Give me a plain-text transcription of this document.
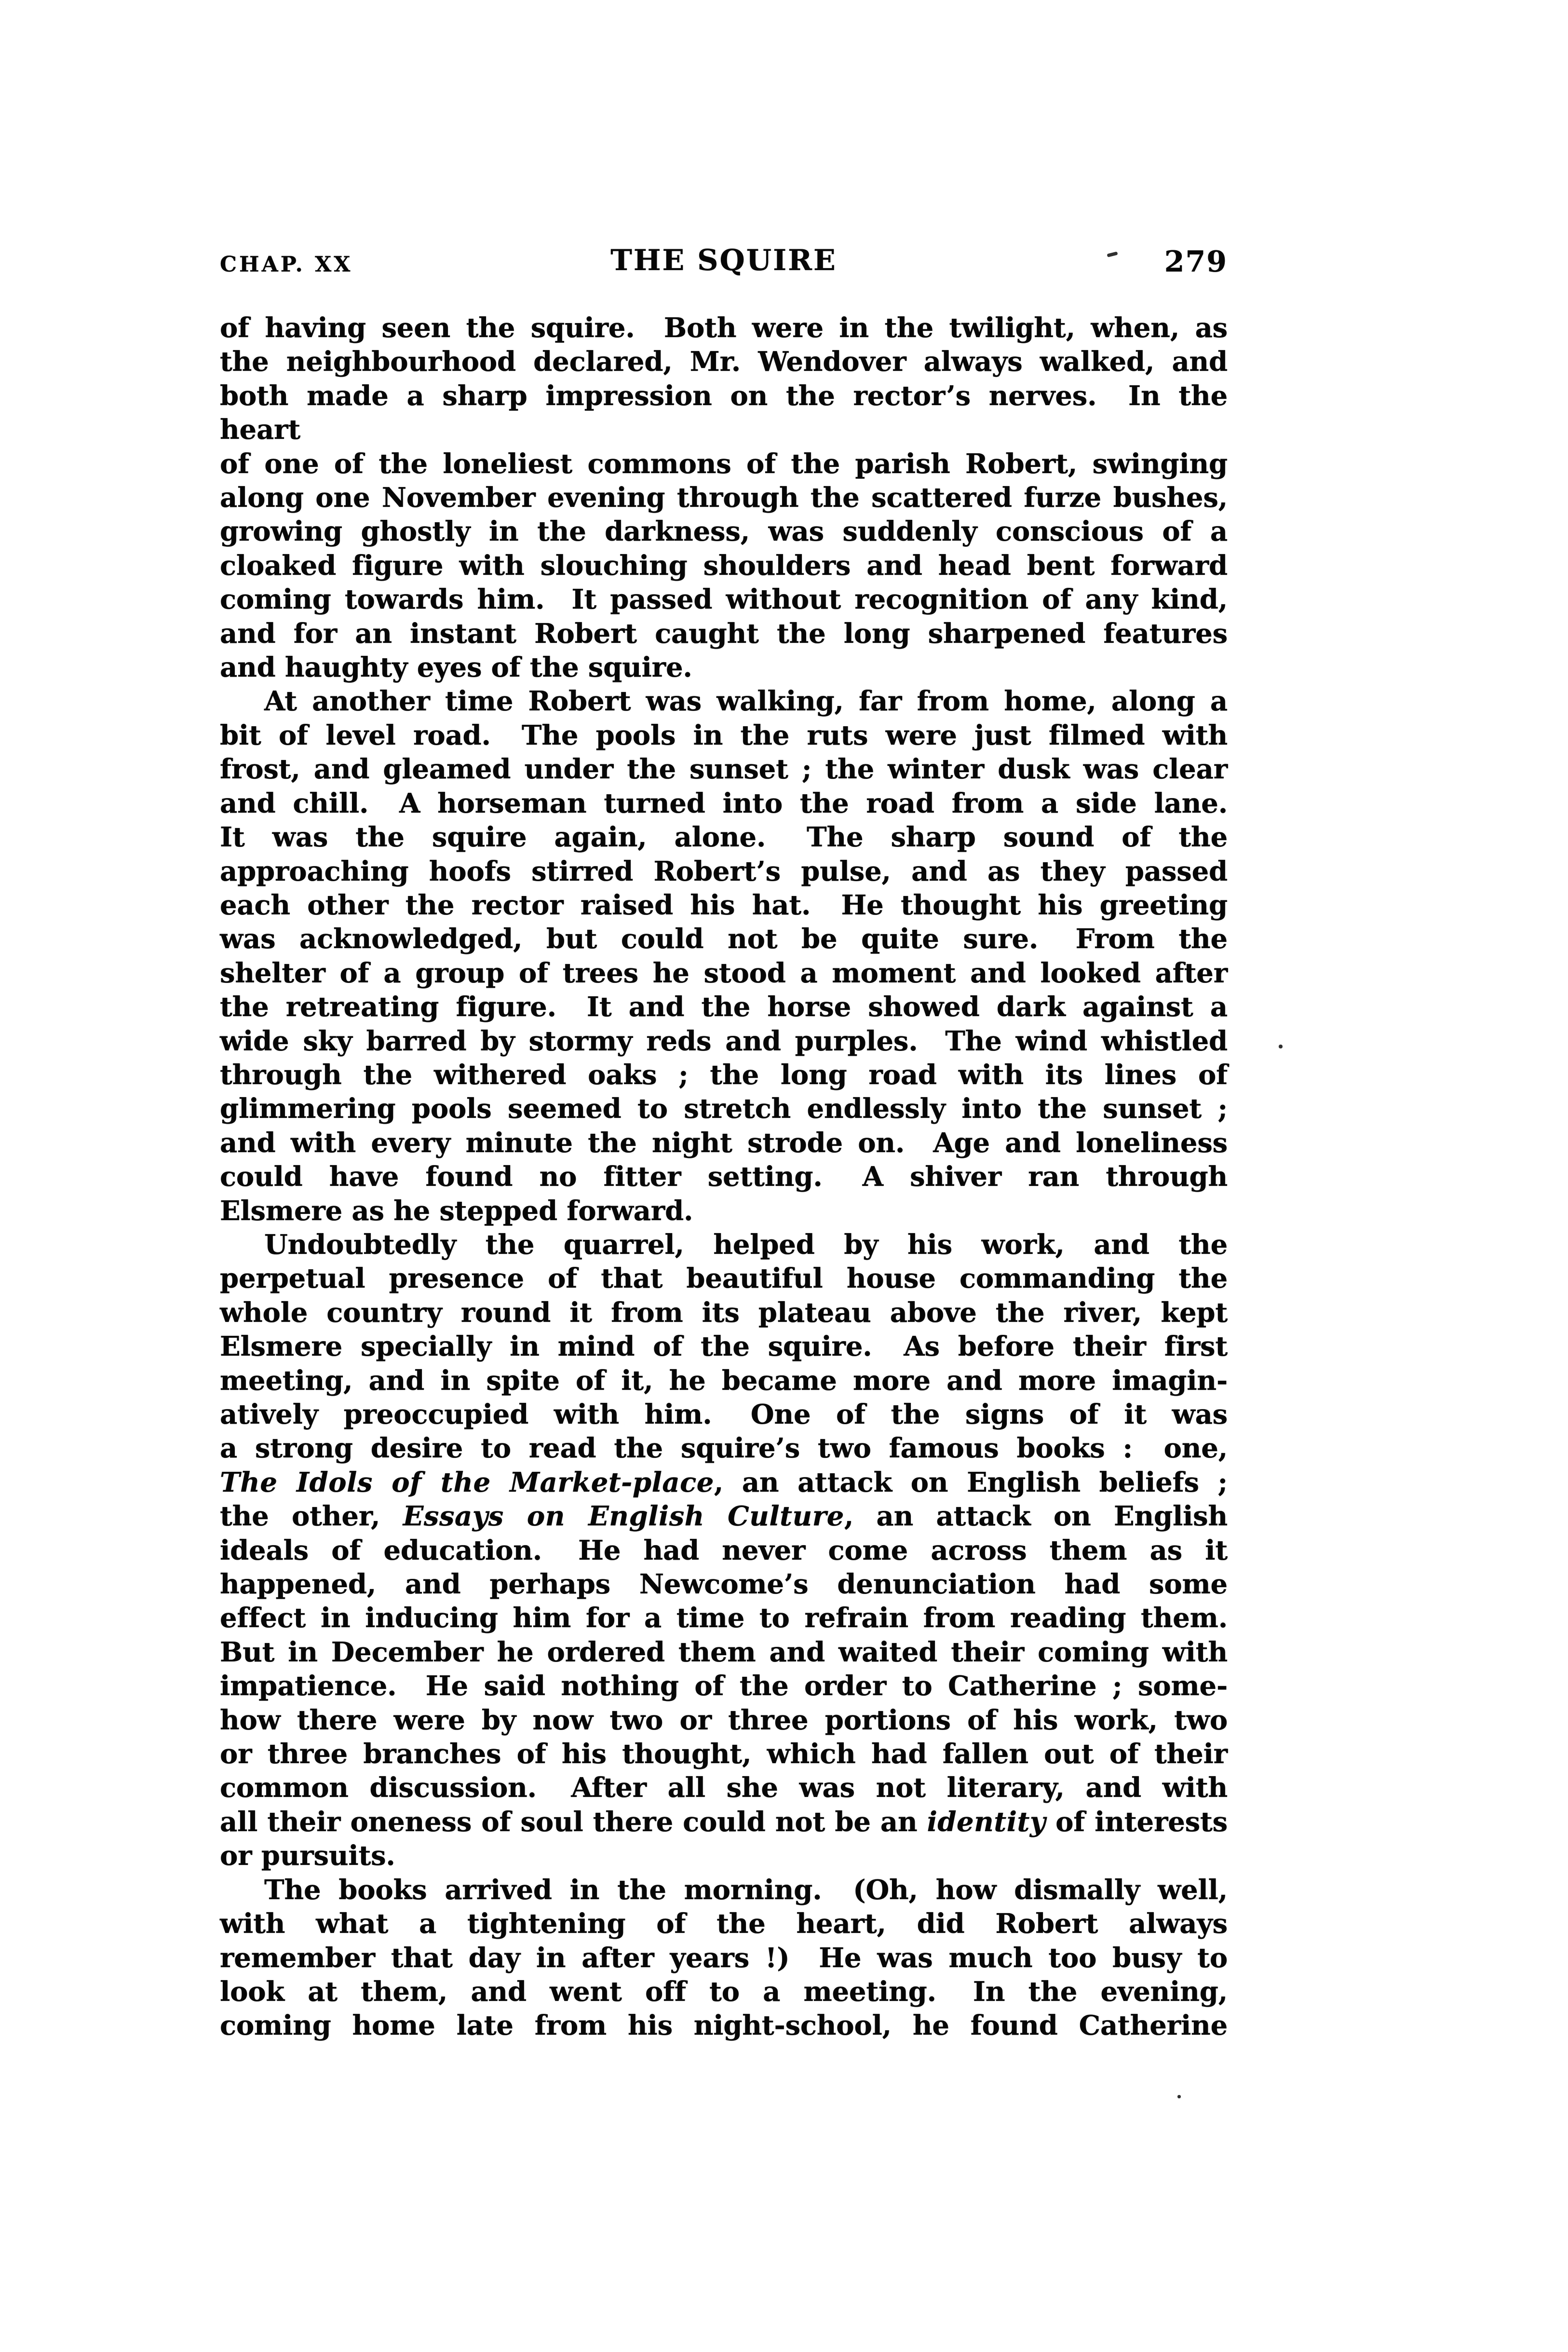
CHAP. XX	THE SQUIRE	279
of having seen the squire.  Both were in the twilight, when, as
the neighbourhood declared, Mr. Wendover always walked, and
both made a sharp impression on the rector’s nerves.  In the heart
of one of the loneliest commons of the parish Robert, swinging
along one November evening through the scattered furze bushes,
growing ghostly in the darkness, was suddenly conscious of a
cloaked figure with slouching shoulders and head bent forward
coming towards him.  It passed without recognition of any kind,
and for an instant Robert caught the long sharpened features
and haughty eyes of the squire.
At another time Robert was walking, far from home, along a
bit of level road.  The pools in the ruts were just filmed with
frost, and gleamed under the sunset ; the winter dusk was clear
and chill.  A horseman turned into the road from a side lane.
It was the squire again, alone.  The sharp sound of the
approaching hoofs stirred Robert’s pulse, and as they passed
each other the rector raised his hat.  He thought his greeting
was acknowledged, but could not be quite sure.  From the
shelter of a group of trees he stood a moment and looked after
the retreating figure.  It and the horse showed dark against a
wide sky barred by stormy reds and purples.  The wind whistled
through the withered oaks ; the long road with its lines of
glimmering pools seemed to stretch endlessly into the sunset ;
and with every minute the night strode on.  Age and loneliness
could have found no fitter setting.  A shiver ran through
Elsmere as he stepped forward.
Undoubtedly the quarrel, helped by his work, and the
perpetual presence of that beautiful house commanding the
whole country round it from its plateau above the river, kept
Elsmere specially in mind of the squire.  As before their first
meeting, and in spite of it, he became more and more imagin-
atively preoccupied with him.  One of the signs of it was
a strong desire to read the squire’s two famous books :  one,
The Idols of the Market-place, an attack on English beliefs ;
the other, Essays on English Culture, an attack on English
ideals of education.  He had never come across them as it
happened, and perhaps Newcome’s denunciation had some
effect in inducing him for a time to refrain from reading them.
But in December he ordered them and waited their coming with
impatience.  He said nothing of the order to Catherine ; some-
how there were by now two or three portions of his work, two
or three branches of his thought, which had fallen out of their
common discussion.  After all she was not literary, and with
all their oneness of soul there could not be an identity of interests
or pursuits.
The books arrived in the morning.  (Oh, how dismally well,
with what a tightening of the heart, did Robert always
remember that day in after years !)  He was much too busy to
look at them, and went off to a meeting.  In the evening,
coming home late from his night-school, he found Catherine
